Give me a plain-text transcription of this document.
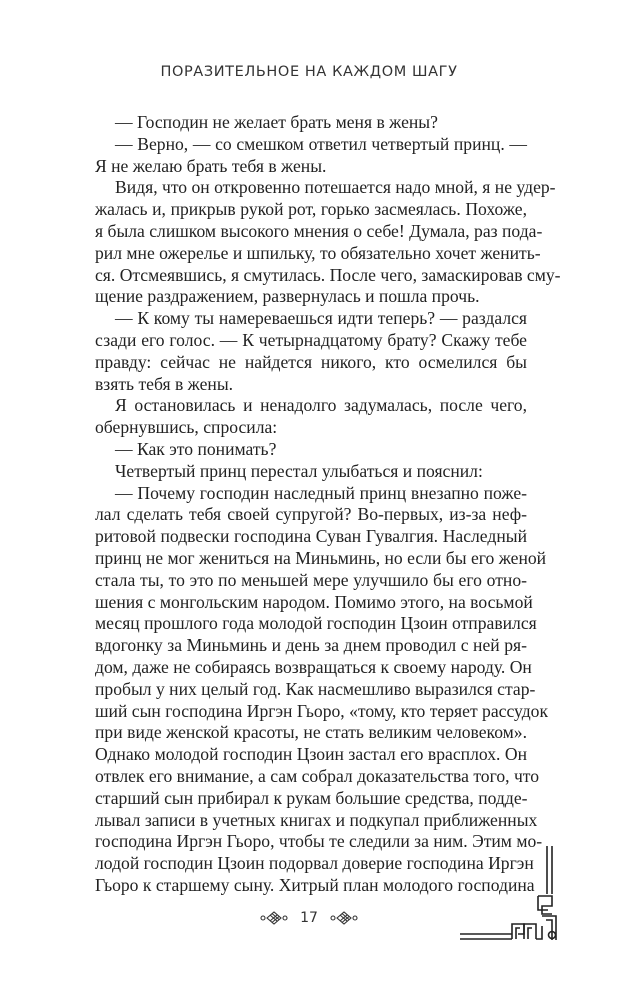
ПОРАЗИТЕЛЬНОЕ НА КАЖДОМ ШАГУ
— Господин не желает брать меня в жены?
— Верно, — со смешком ответил четвертый принц. —
Я не желаю брать тебя в жены.
Видя, что он откровенно потешается надо мной, я не удер-
жалась и, прикрыв рукой рот, горько засмеялась. Похоже,
я была слишком высокого мнения о себе! Думала, раз пода-
рил мне ожерелье и шпильку, то обязательно хочет женить-
ся. Отсмеявшись, я смутилась. После чего, замаскировав сму-
щение раздражением, развернулась и пошла прочь.
— К кому ты намереваешься идти теперь? — раздался
сзади его голос. — К четырнадцатому брату? Скажу тебе
правду: сейчас не найдется никого, кто осмелился бы
взять тебя в жены.
Я остановилась и ненадолго задумалась, после чего,
обернувшись, спросила:
— Как это понимать?
Четвертый принц перестал улыбаться и пояснил:
— Почему господин наследный принц внезапно поже-
лал сделать тебя своей супругой? Во-первых, из-за неф-
ритовой подвески господина Суван Гувалгия. Наследный
принц не мог жениться на Миньминь, но если бы его женой
стала ты, то это по меньшей мере улучшило бы его отно-
шения с монгольским народом. Помимо этого, на восьмой
месяц прошлого года молодой господин Цзоин отправился
вдогонку за Миньминь и день за днем проводил с ней ря-
дом, даже не собираясь возвращаться к своему народу. Он
пробыл у них целый год. Как насмешливо выразился стар-
ший сын господина Иргэн Гьоро, «тому, кто теряет рассудок
при виде женской красоты, не стать великим человеком».
Однако молодой господин Цзоин застал его врасплох. Он
отвлек его внимание, а сам собрал доказательства того, что
старший сын прибирал к рукам большие средства, подде-
лывал записи в учетных книгах и подкупал приближенных
господина Иргэн Гьоро, чтобы те следили за ним. Этим мо-
лодой господин Цзоин подорвал доверие господина Иргэн
Гьоро к старшему сыну. Хитрый план молодого господина
17
